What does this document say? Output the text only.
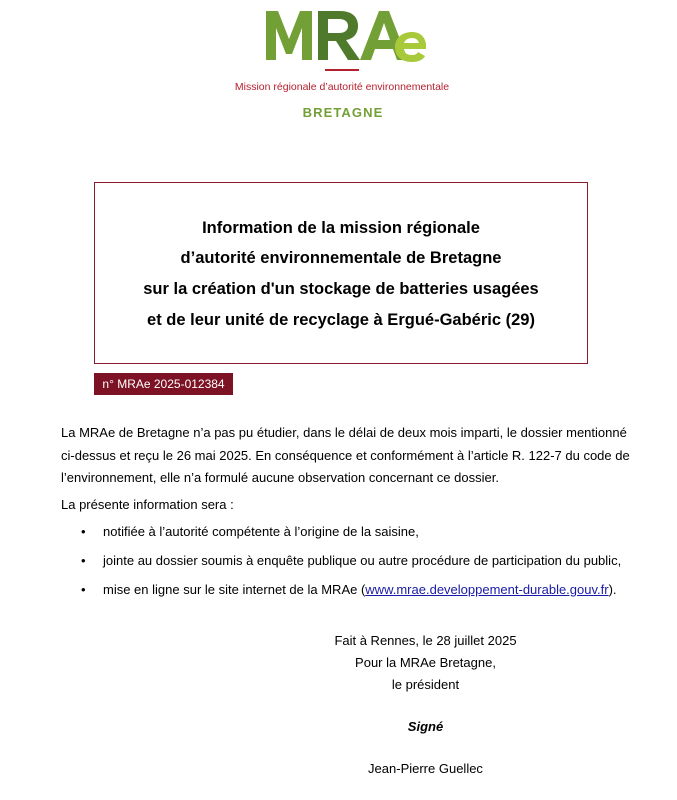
Mission régionale d’autorité environnementale
BRETAGNE
Information de la mission régionale
d’autorité environnementale de Bretagne
sur la création d'un stockage de batteries usagées
et de leur unité de recyclage à Ergué-Gabéric (29)
n° MRAe 2025-012384
La MRAe de Bretagne n’a pas pu étudier, dans le délai de deux mois imparti, le dossier mentionné
ci-dessus et reçu le 26 mai 2025. En conséquence et conformément à l’article R. 122-7 du code de
l’environnement, elle n’a formulé aucune observation concernant ce dossier.
La présente information sera :
• notifiée à l’autorité compétente à l’origine de la saisine,
• jointe au dossier soumis à enquête publique ou autre procédure de participation du public,
• mise en ligne sur le site internet de la MRAe (www.mrae.developpement-durable.gouv.fr).
Fait à Rennes, le 28 juillet 2025
Pour la MRAe Bretagne,
le président
Signé
Jean-Pierre Guellec
